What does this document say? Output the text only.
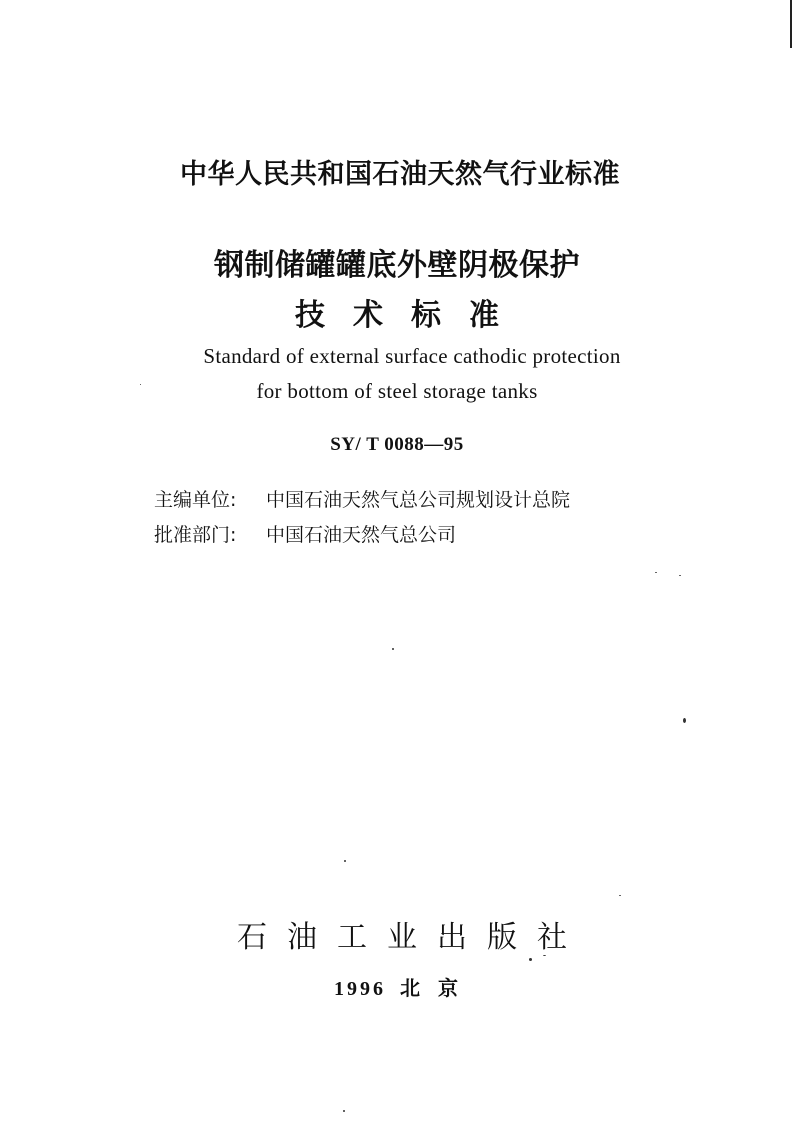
中华人民共和国石油天然气行业标准
钢制储罐罐底外壁阴极保护
技术标准
Standard of external surface cathodic protection
for bottom of steel storage tanks
SY/ T 0088—95
主编单位: 中国石油天然气总公司规划设计总院
批准部门: 中国石油天然气总公司
石油工业出版社
1996 北京
